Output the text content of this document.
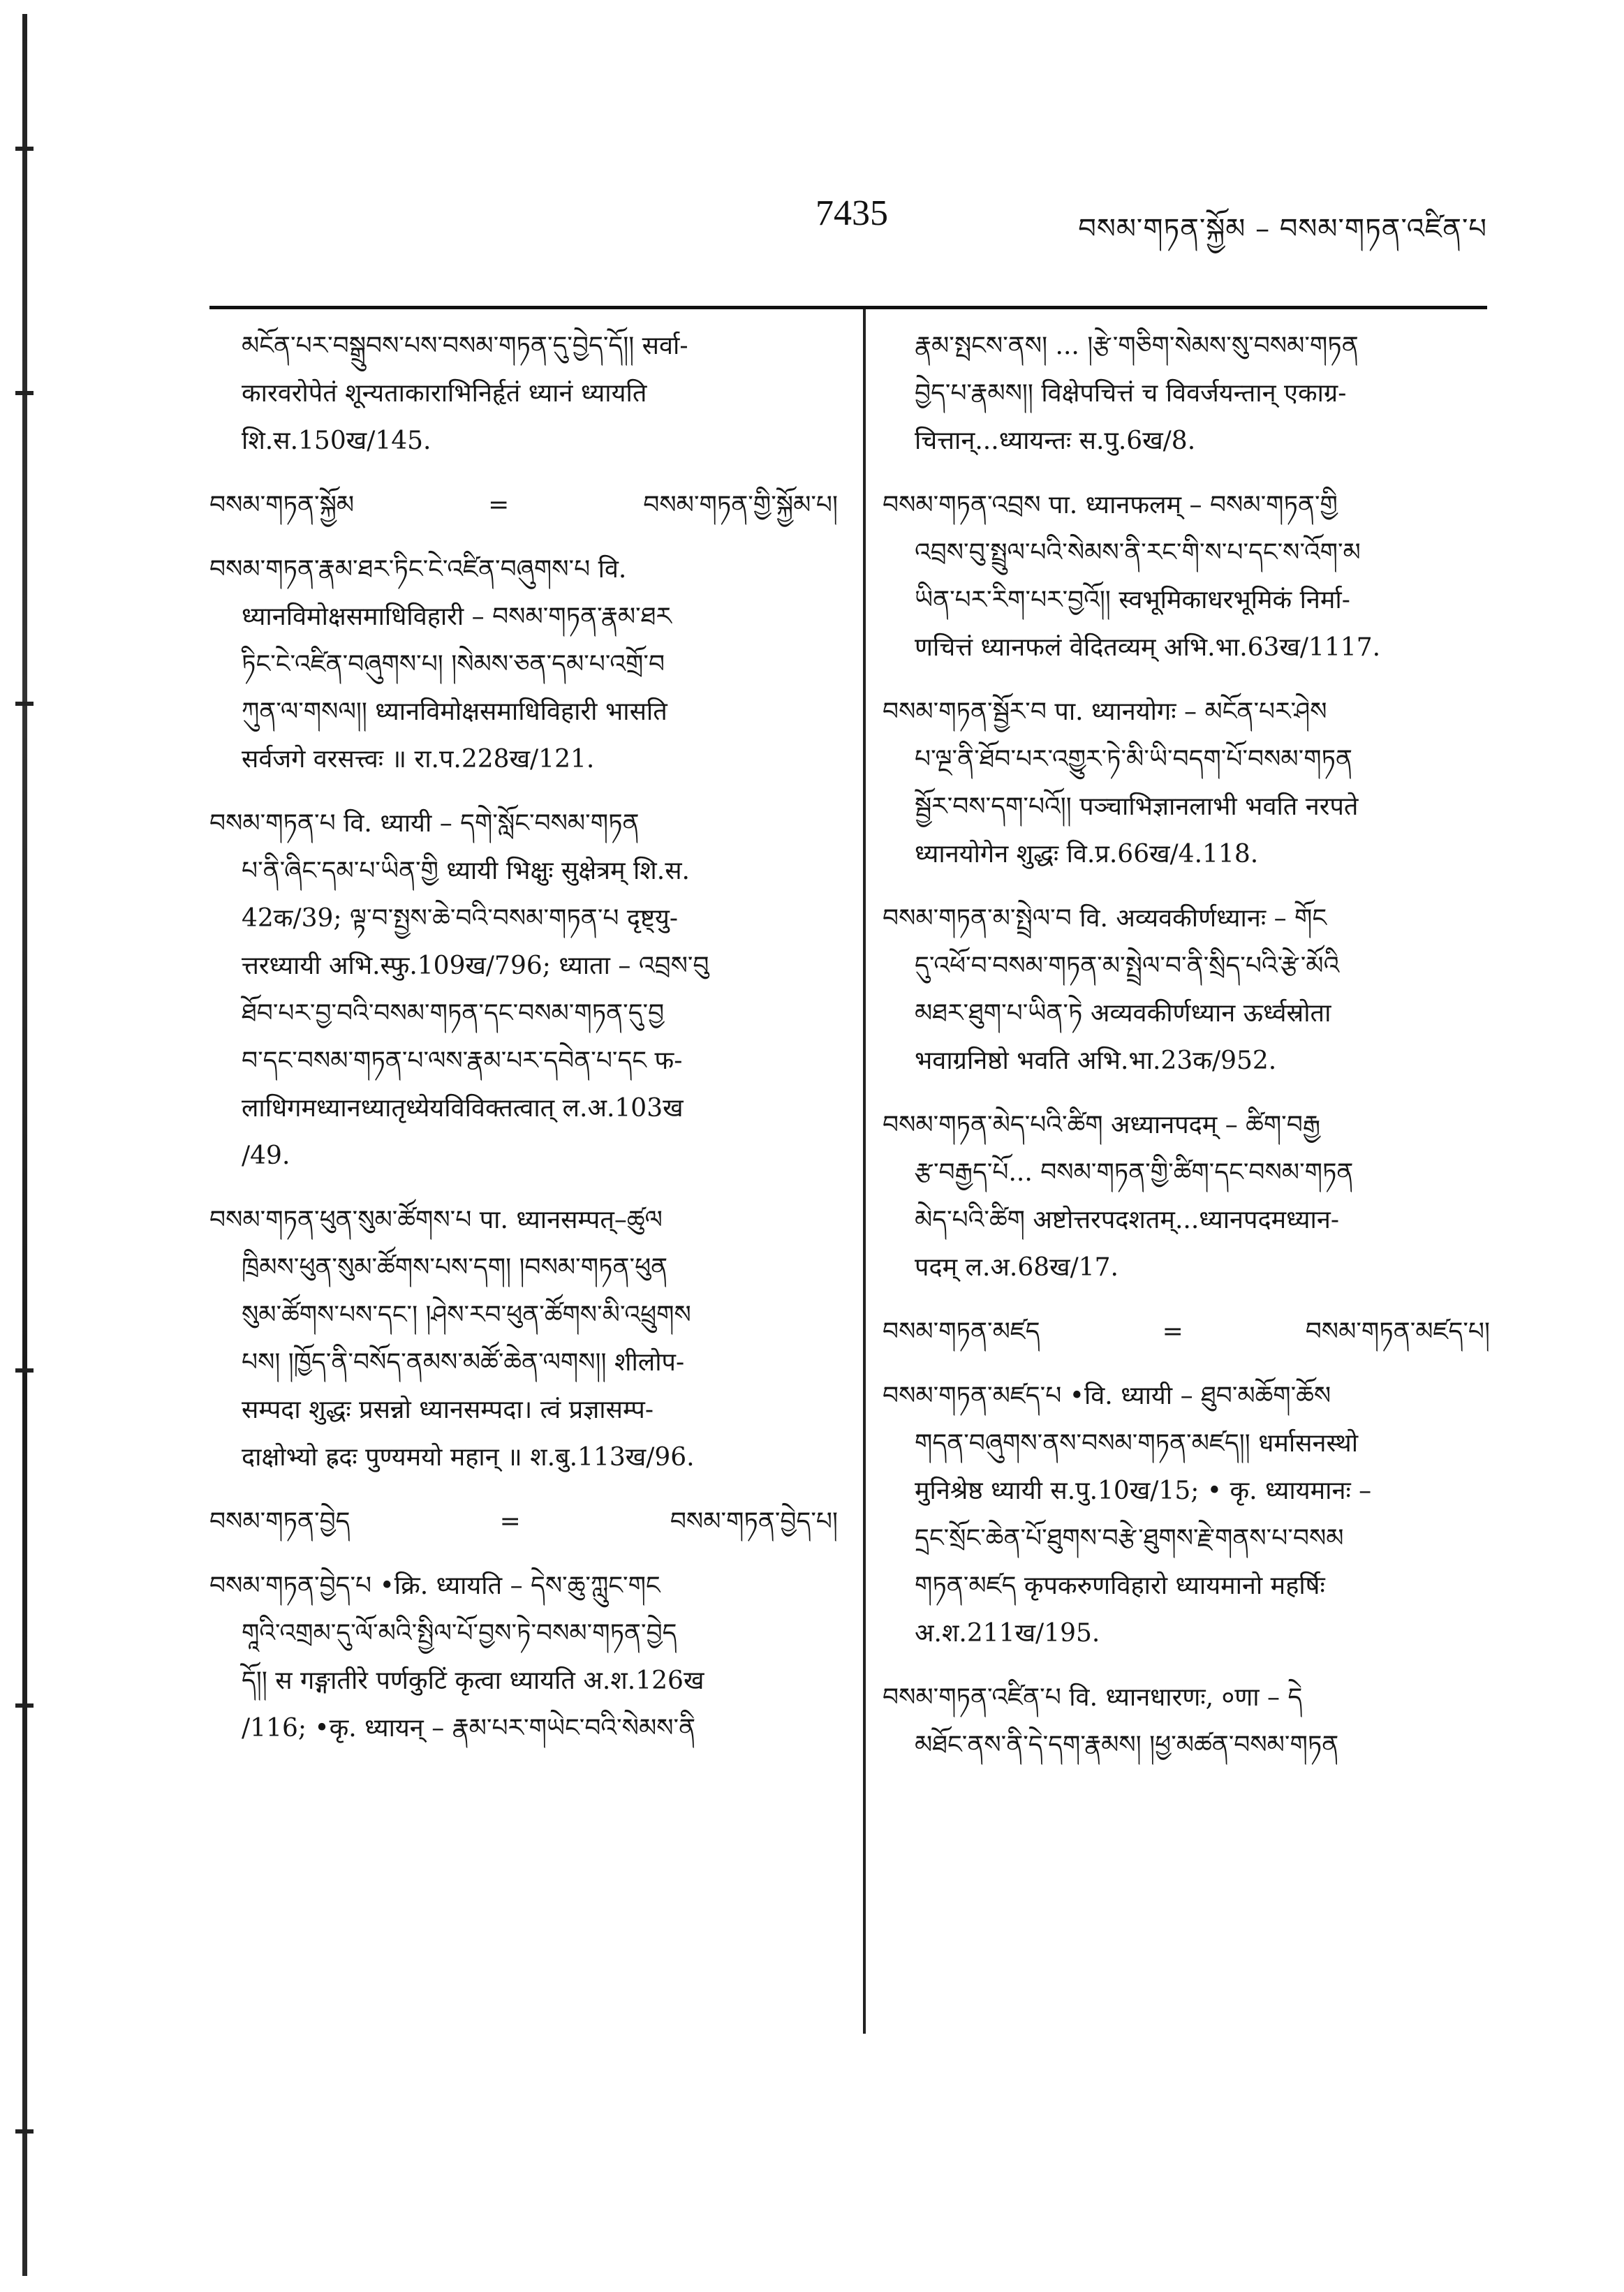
7435	བསམ་གཏན་སྐྱོམ – བསམ་གཏན་འཛིན་པ

མངོན་པར་བསྒྲུབས་པས་བསམ་གཏན་དུ་བྱེད་དོ།། सर्वा-

कारवरोपेतं शून्यताकाराभिनिर्हृतं ध्यानं ध्यायति

शि.स.150ख/145.

བསམ་གཏན་སྐྱོམ	=	བསམ་གཏན་གྱི་སྐྱོམ་པ།

བསམ་གཏན་རྣམ་ཐར་ཏིང་ངེ་འཛིན་བཞུགས་པ वि.

ध्यानविमोक्षसमाधिविहारी – བསམ་གཏན་རྣམ་ཐར

ཏིང་ངེ་འཛིན་བཞུགས་པ། །སེམས་ཅན་དམ་པ་འགྲོ་བ

ཀུན་ལ་གསལ།། ध्यानविमोक्षसमाधिविहारी भासति

सर्वजगे वरसत्त्वः ॥ रा.प.228ख/121.

བསམ་གཏན་པ वि. ध्यायी – དགེ་སློང་བསམ་གཏན

པ་ནི་ཞིང་དམ་པ་ཡིན་གྱི ध्यायी भिक्षुः सुक्षेत्रम् शि.स.

42क/39; ལྟ་བ་སྤྱས་ཆེ་བའི་བསམ་གཏན་པ दृष्ट्यु-

त्तरध्यायी अभि.स्फु.109ख/796; ध्याता – འབྲས་བུ

ཐོབ་པར་བྱ་བའི་བསམ་གཏན་དང་བསམ་གཏན་དུ་བྱ

བ་དང་བསམ་གཏན་པ་ལས་རྣམ་པར་དབེན་པ་དང फ-

लाधिगमध्यानध्यातृध्येयविविक्तत्वात् ल.अ.103ख

/49.

བསམ་གཏན་ཕུན་སུམ་ཚོགས་པ पा. ध्यानसम्पत्–ཚུལ

ཁྲིམས་ཕུན་སུམ་ཚོགས་པས་དག། །བསམ་གཏན་ཕུན

སུམ་ཚོགས་པས་དང་། །ཤེས་རབ་ཕུན་ཚོགས་མི་འཕྲུགས

པས། །ཁྱོད་ནི་བསོད་ནམས་མཚོ་ཆེན་ལགས།། शीलोप-

सम्पदा शुद्धः प्रसन्नो ध्यानसम्पदा। त्वं प्रज्ञासम्प-

दाक्षोभ्यो ह्रदः पुण्यमयो महान् ॥ श.बु.113ख/96.

བསམ་གཏན་བྱེད	=	བསམ་གཏན་བྱེད་པ།

བསམ་གཏན་བྱེད་པ •क्रि. ध्यायति – དེས་ཆུ་ཀླུང་གང

གཱའི་འགྲམ་དུ་ལོ་མའི་སྤྱིལ་པོ་བྱས་ཏེ་བསམ་གཏན་བྱེད

དོ།། स गङ्गातीरे पर्णकुटिं कृत्वा ध्यायति अ.श.126ख

/116; •कृ. ध्यायन् – རྣམ་པར་གཡེང་བའི་སེམས་ནི

རྣམ་སྤངས་ནས། ... །རྩེ་གཅིག་སེམས་སུ་བསམ་གཏན

བྱེད་པ་རྣམས།། विक्षेपचित्तं च विवर्जयन्तान् एकाग्र-

चित्तान्...ध्यायन्तः स.पु.6ख/8.

བསམ་གཏན་འབྲས पा. ध्यानफलम् – བསམ་གཏན་གྱི

འབྲས་བུ་སྤྲུལ་པའི་སེམས་ནི་རང་གི་ས་པ་དང་ས་འོག་མ

ཡིན་པར་རིག་པར་བྱའོ།། स्वभूमिकाधरभूमिकं निर्मा-

णचित्तं ध्यानफलं वेदितव्यम् अभि.भा.63ख/1117.

བསམ་གཏན་སྦྱོར་བ पा. ध्यानयोगः – མངོན་པར་ཤེས

པ་ལྔ་ནི་ཐོབ་པར་འགྱུར་ཏེ་མི་ཡི་བདག་པོ་བསམ་གཏན

སྦྱོར་བས་དག་པའོ།། पञ्चाभिज्ञानलाभी भवति नरपते

ध्यानयोगेन शुद्धः वि.प्र.66ख/4.118.

བསམ་གཏན་མ་སྤྲེལ་བ वि. अव्यवकीर्णध्यानः – གོང

དུ་འཕོ་བ་བསམ་གཏན་མ་སྤྲེལ་བ་ནི་སྲིད་པའི་རྩེ་མོའི

མཐར་ཐུག་པ་ཡིན་ཏེ अव्यवकीर्णध्यान ऊर्ध्वस्रोता

भवाग्रनिष्ठो भवति अभि.भा.23क/952.

བསམ་གཏན་མེད་པའི་ཚིག अध्यानपदम् – ཚིག་བརྒྱ

རྩ་བརྒྱད་པོ... བསམ་གཏན་གྱི་ཚིག་དང་བསམ་གཏན

མེད་པའི་ཚིག अष्टोत्तरपदशतम्...ध्यानपदमध्यान-

पदम् ल.अ.68ख/17.

བསམ་གཏན་མཛད	=	བསམ་གཏན་མཛད་པ།

བསམ་གཏན་མཛད་པ •वि. ध्यायी – ཐུབ་མཆོག་ཆོས

གདན་བཞུགས་ནས་བསམ་གཏན་མཛད།། धर्मासनस्थो

मुनिश्रेष्ठ ध्यायी स.पु.10ख/15; • कृ. ध्यायमानः –

དྲང་སྲོང་ཆེན་པོ་ཐུགས་བརྩེ་ཐུགས་རྗེ་གནས་པ་བསམ

གཏན་མཛད कृपकरुणविहारो ध्यायमानो महर्षिः

अ.श.211ख/195.

བསམ་གཏན་འཛིན་པ वि. ध्यानधारणः, ०णा – དེ

མཐོང་ནས་ནི་དེ་དག་རྣམས། །ཕྱ་མཚན་བསམ་གཏན
